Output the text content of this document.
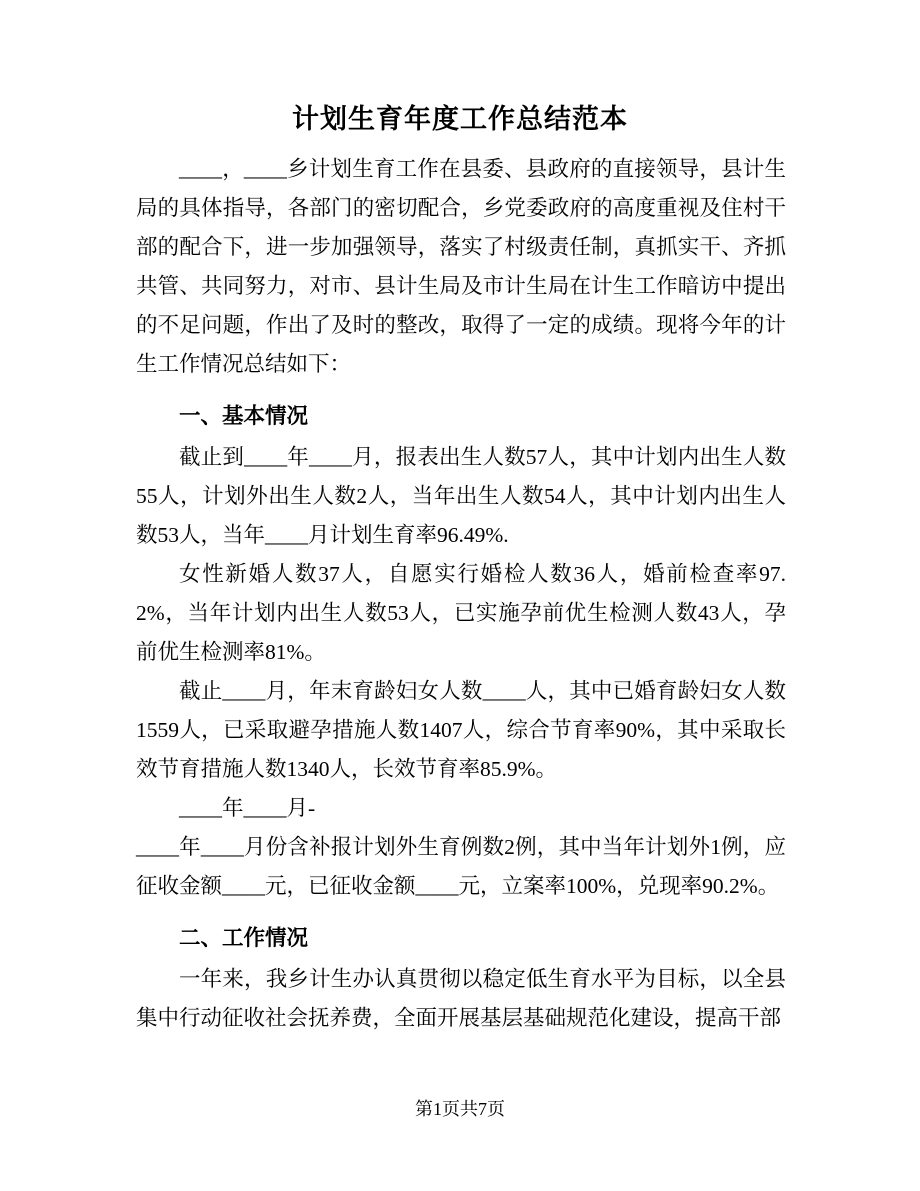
计划生育年度工作总结范本

____，____乡计划生育工作在县委、县政府的直接领导，县计生局的具体指导，各部门的密切配合，乡党委政府的高度重视及住村干部的配合下，进一步加强领导，落实了村级责任制，真抓实干、齐抓共管、共同努力，对市、县计生局及市计生局在计生工作暗访中提出的不足问题，作出了及时的整改，取得了一定的成绩。现将今年的计生工作情况总结如下：

一、基本情况

截止到____年____月，报表出生人数57人，其中计划内出生人数55人，计划外出生人数2人，当年出生人数54人，其中计划内出生人数53人，当年____月计划生育率96.49%.

女性新婚人数37人，自愿实行婚检人数36人，婚前检查率97.2%，当年计划内出生人数53人，已实施孕前优生检测人数43人，孕前优生检测率81%。

截止____月，年末育龄妇女人数____人，其中已婚育龄妇女人数1559人，已采取避孕措施人数1407人，综合节育率90%，其中采取长效节育措施人数1340人，长效节育率85.9%。

____年____月-

____年____月份含补报计划外生育例数2例，其中当年计划外1例，应征收金额____元，已征收金额____元，立案率100%，兑现率90.2%。

二、工作情况

一年来，我乡计生办认真贯彻以稳定低生育水平为目标，以全县集中行动征收社会抚养费，全面开展基层基础规范化建设，提高干部

第1页共7页
